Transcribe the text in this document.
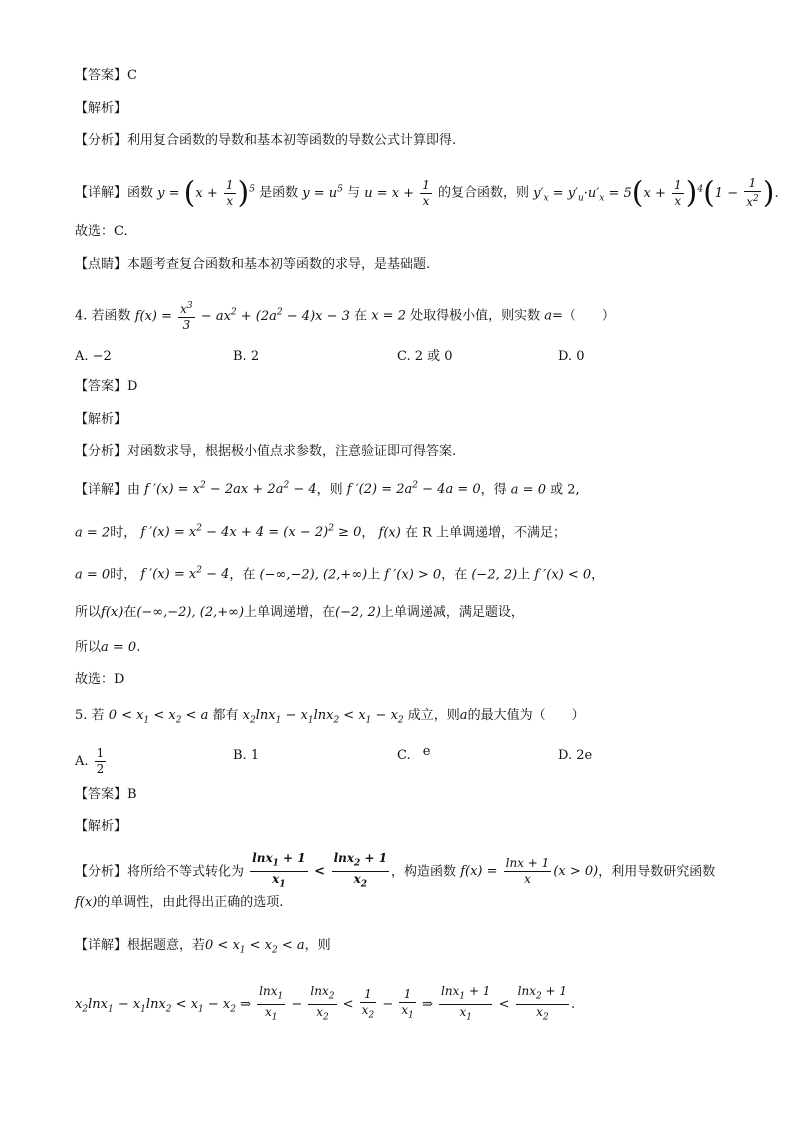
【答案】C
【解析】
【分析】利用复合函数的导数和基本初等函数的导数公式计算即得.
【详解】函数 $y = (x + \frac{1}{x} )^5$ 是函数 $y = u^5$ 与 $u = x + \frac{1}{x}$ 的复合函数，则 $y'_x = y'_u\cdot u'_x = 5(x + \frac{1}{x} )^4(1 - \frac{1}{x^2}$ ).
故选：C.
【点睛】本题考查复合函数和基本初等函数的求导，是基础题.
4. 若函数 $f(x) = \frac{x^3}{3} - ax^2 + (2a^2 - 4)x - 3$ 在 x = 2 处取得极小值，则实数 a=（　　）
A. −2	B. 2	C. 2 或 0	D. 0
【答案】D
【解析】
【分析】对函数求导，根据极小值点求参数，注意验证即可得答案.
【详解】由 f $'(x) = x^2 - 2ax + 2a^2 - 4$，则 f $'(2) = 2a^2 - 4a = 0$，得 a = 0 或 2,
a = 2时， f $'(x) = x^2 - 4x + 4 = (x - 2)^2 \ge 0$， f(x) 在 R 上单调递增，不满足；
a = 0时， f $'(x) = x^2 - 4$，在 (−∞,−2), (2,+∞)上 f ′(x) > 0，在 (−2, 2)上 f ′(x) < 0，
所以f(x)在(−∞,−2), (2,+∞)上单调递增，在(−2, 2)上单调递减，满足题设，
所以a = 0.
故选：D
5. 若 $0 < x_1 < x_2 < a$ 都有 $x_2\ln x_1 - x_1\ln x_2 < x_1 - x_2$ 成立，则a的最大值为（　　）
A. $\frac{1}{2}$	B. 1	C. e	D. 2e
【答案】B
【解析】
【分析】将所给不等式转化为 $\frac{\ln x_1 + 1}{x_1} < \frac{\ln x_2 + 1}{x_2}$ ，构造函数 $f(x) = \frac{\ln x + 1}{x} (x > 0)$，利用导数研究函数
f(x)的单调性，由此得出正确的选项.
【详解】根据题意，若$0 < x_1 < x_2 < a$，则
$x_2\ln x_1 - x_1\ln x_2 < x_1 - x_2$ ⇒ $\frac{\ln x_1}{x_1} - \frac{\ln x_2}{x_2} < \frac{1}{x_2} - \frac{1}{x_1}$ ⇒ $\frac{\ln x_1 + 1}{x_1} < \frac{\ln x_2 + 1}{x_2}$ .
